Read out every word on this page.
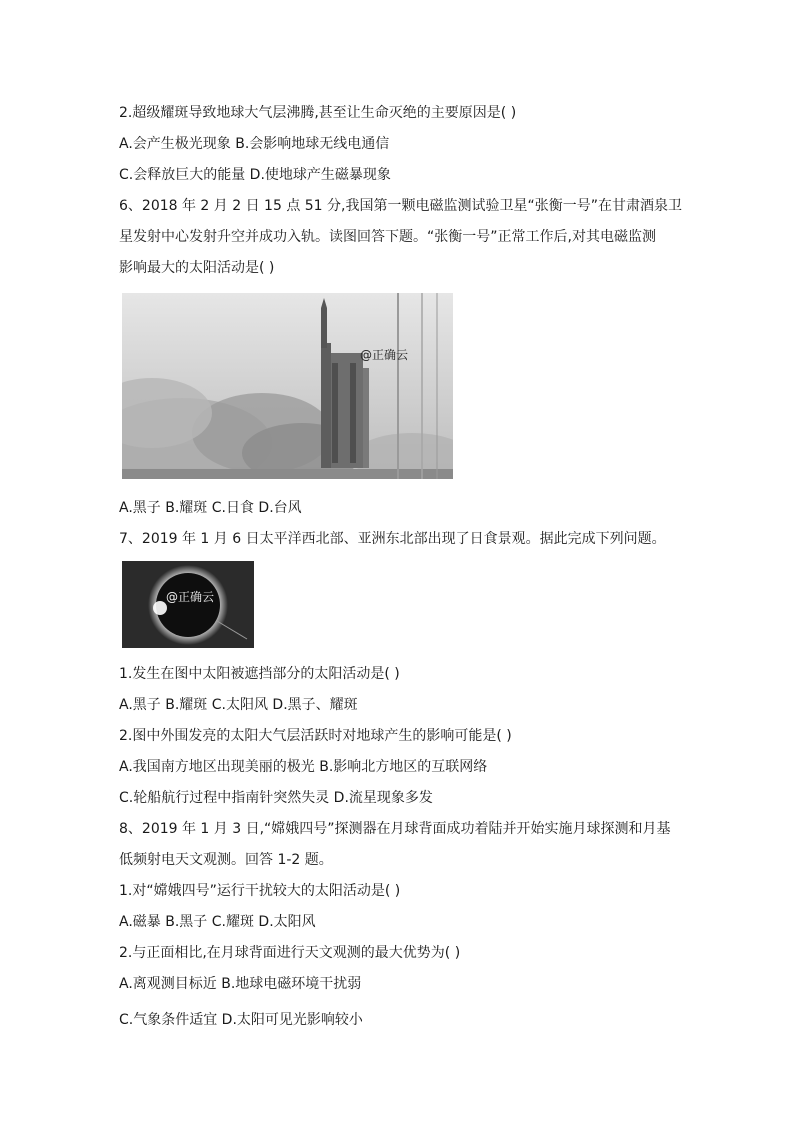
2.超级耀斑导致地球大气层沸腾,甚至让生命灭绝的主要原因是( )
A.会产生极光现象 B.会影响地球无线电通信
C.会释放巨大的能量 D.使地球产生磁暴现象
6、2018 年 2 月 2 日 15 点 51 分,我国第一颗电磁监测试验卫星“张衡一号”在甘肃酒泉卫
星发射中心发射升空并成功入轨。读图回答下题。“张衡一号”正常工作后,对其电磁监测
影响最大的太阳活动是( )
@正确云
A.黑子 B.耀斑 C.日食 D.台风
7、2019 年 1 月 6 日太平洋西北部、亚洲东北部出现了日食景观。据此完成下列问题。
@正确云
1.发生在图中太阳被遮挡部分的太阳活动是( )
A.黑子 B.耀斑 C.太阳风 D.黑子、耀斑
2.图中外围发亮的太阳大气层活跃时对地球产生的影响可能是( )
A.我国南方地区出现美丽的极光 B.影响北方地区的互联网络
C.轮船航行过程中指南针突然失灵 D.流星现象多发
8、2019 年 1 月 3 日,“嫦娥四号”探测器在月球背面成功着陆并开始实施月球探测和月基
低频射电天文观测。回答 1-2 题。
1.对“嫦娥四号”运行干扰较大的太阳活动是( )
A.磁暴 B.黑子 C.耀斑 D.太阳风
2.与正面相比,在月球背面进行天文观测的最大优势为( )
A.离观测目标近 B.地球电磁环境干扰弱
C.气象条件适宜 D.太阳可见光影响较小
